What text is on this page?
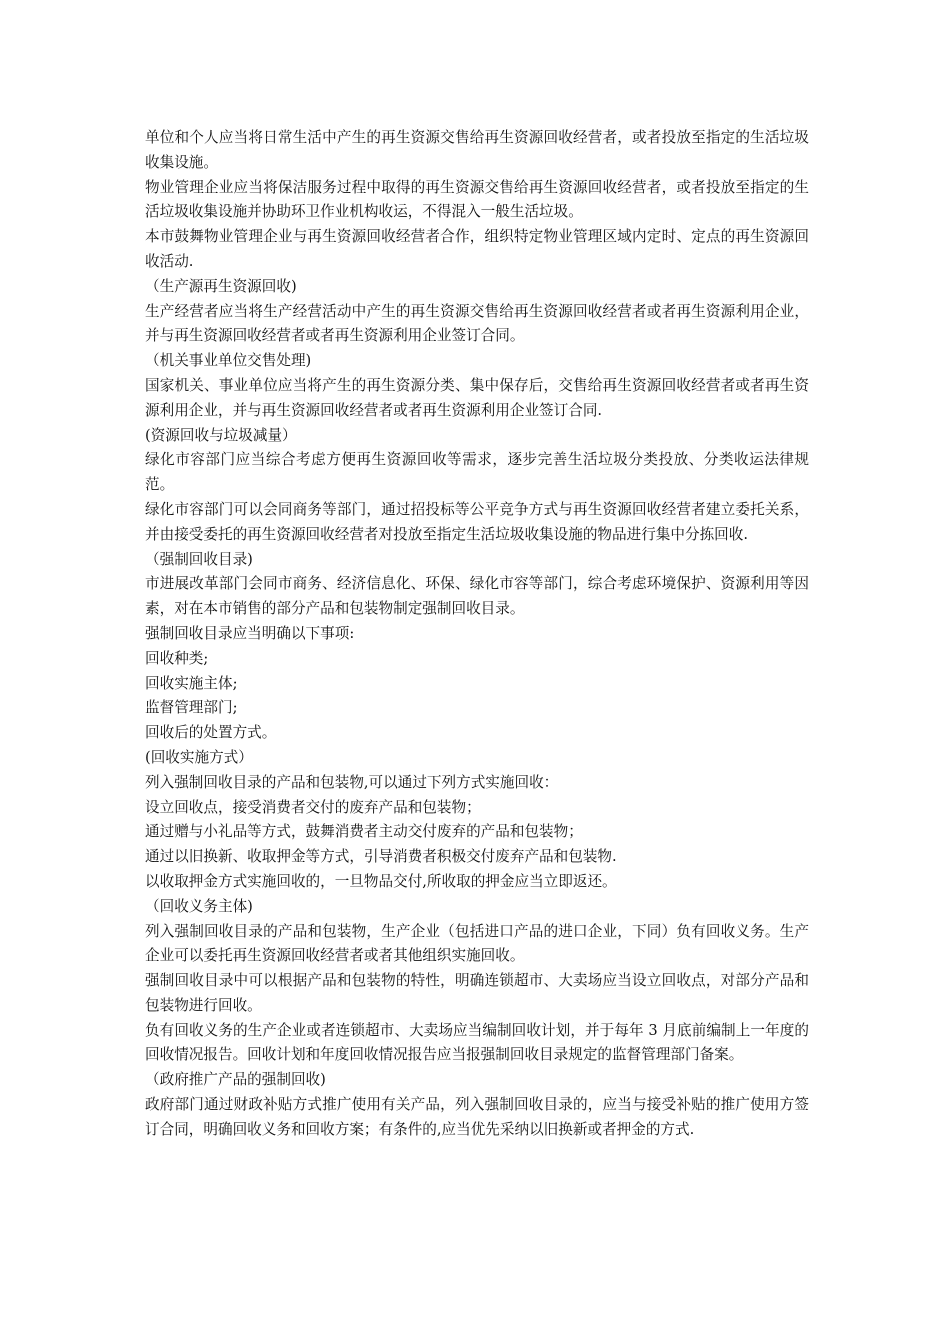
单位和个人应当将日常生活中产生的再生资源交售给再生资源回收经营者，或者投放至指定的生活垃圾收集设施。

物业管理企业应当将保洁服务过程中取得的再生资源交售给再生资源回收经营者，或者投放至指定的生活垃圾收集设施并协助环卫作业机构收运，不得混入一般生活垃圾。

本市鼓舞物业管理企业与再生资源回收经营者合作，组织特定物业管理区域内定时、定点的再生资源回收活动.

（生产源再生资源回收)

生产经营者应当将生产经营活动中产生的再生资源交售给再生资源回收经营者或者再生资源利用企业，并与再生资源回收经营者或者再生资源利用企业签订合同。

（机关事业单位交售处理)

国家机关、事业单位应当将产生的再生资源分类、集中保存后，交售给再生资源回收经营者或者再生资源利用企业，并与再生资源回收经营者或者再生资源利用企业签订合同.

(资源回收与垃圾减量）

绿化市容部门应当综合考虑方便再生资源回收等需求，逐步完善生活垃圾分类投放、分类收运法律规范。

绿化市容部门可以会同商务等部门，通过招投标等公平竞争方式与再生资源回收经营者建立委托关系，并由接受委托的再生资源回收经营者对投放至指定生活垃圾收集设施的物品进行集中分拣回收.

（强制回收目录)

市进展改革部门会同市商务、经济信息化、环保、绿化市容等部门，综合考虑环境保护、资源利用等因素，对在本市销售的部分产品和包装物制定强制回收目录。

强制回收目录应当明确以下事项:

回收种类;

回收实施主体;

监督管理部门;

回收后的处置方式。

(回收实施方式）

列入强制回收目录的产品和包装物,可以通过下列方式实施回收：

设立回收点，接受消费者交付的废弃产品和包装物；

通过赠与小礼品等方式，鼓舞消费者主动交付废弃的产品和包装物；

通过以旧换新、收取押金等方式，引导消费者积极交付废弃产品和包装物.

以收取押金方式实施回收的，一旦物品交付,所收取的押金应当立即返还。

（回收义务主体)

列入强制回收目录的产品和包装物，生产企业（包括进口产品的进口企业，下同）负有回收义务。生产企业可以委托再生资源回收经营者或者其他组织实施回收。

强制回收目录中可以根据产品和包装物的特性，明确连锁超市、大卖场应当设立回收点，对部分产品和包装物进行回收。

负有回收义务的生产企业或者连锁超市、大卖场应当编制回收计划，并于每年 3 月底前编制上一年度的回收情况报告。回收计划和年度回收情况报告应当报强制回收目录规定的监督管理部门备案。

（政府推广产品的强制回收)

政府部门通过财政补贴方式推广使用有关产品，列入强制回收目录的，应当与接受补贴的推广使用方签订合同，明确回收义务和回收方案；有条件的,应当优先采纳以旧换新或者押金的方式.
